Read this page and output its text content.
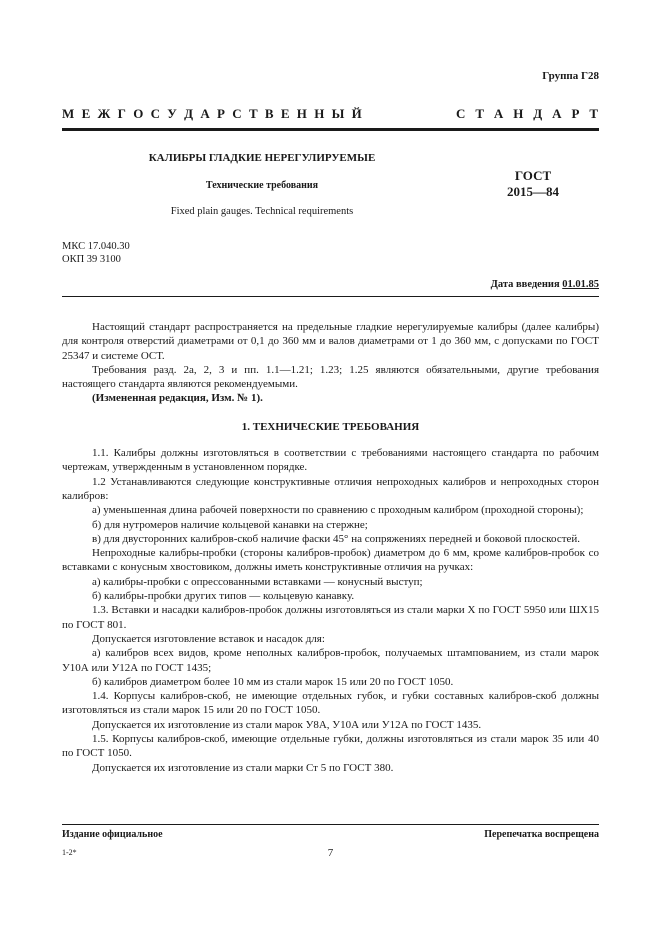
Группа Г28
М Е Ж Г О С У Д А Р С Т В Е Н Н Ы Й	С Т А Н Д А Р Т
КАЛИБРЫ ГЛАДКИЕ НЕРЕГУЛИРУЕМЫЕ
Технические требования
Fixed plain gauges. Technical requirements
ГОСТ
2015—84
МКС 17.040.30
ОКП 39 3100
Дата введения 01.01.85

Настоящий стандарт распространяется на предельные гладкие нерегулируемые калибры (далее калибры) для контроля отверстий диаметрами от 0,1 до 360 мм и валов диаметрами от 1 до 360 мм, с допусками по ГОСТ 25347 и системе ОСТ.

Требования разд. 2а, 2, 3 и пп. 1.1—1.21; 1.23; 1.25 являются обязательными, другие требования настоящего стандарта являются рекомендуемыми.

(Измененная редакция, Изм. № 1).

1. ТЕХНИЧЕСКИЕ ТРЕБОВАНИЯ

1.1. Калибры должны изготовляться в соответствии с требованиями настоящего стандарта по рабочим чертежам, утвержденным в установленном порядке.

1.2 Устанавливаются следующие конструктивные отличия непроходных калибров и непроходных сторон калибров:

а) уменьшенная длина рабочей поверхности по сравнению с проходным калибром (проходной стороны);

б) для нутромеров наличие кольцевой канавки на стержне;

в) для двусторонних калибров-скоб наличие фаски 45° на сопряжениях передней и боковой плоскостей.

Непроходные калибры-пробки (стороны калибров-пробок) диаметром до 6 мм, кроме калибров-пробок со вставками с конусным хвостовиком, должны иметь конструктивные отличия на ручках:

а) калибры-пробки с опрессованными вставками — конусный выступ;

б) калибры-пробки других типов — кольцевую канавку.

1.3. Вставки и насадки калибров-пробок должны изготовляться из стали марки Х по ГОСТ 5950 или ШХ15 по ГОСТ 801.

Допускается изготовление вставок и насадок для:

а) калибров всех видов, кроме неполных калибров-пробок, получаемых штампованием, из стали марок У10А или У12А по ГОСТ 1435;

б) калибров диаметром более 10 мм из стали марок 15 или 20 по ГОСТ 1050.

1.4. Корпусы калибров-скоб, не имеющие отдельных губок, и губки составных калибров-скоб должны изготовляться из стали марок 15 или 20 по ГОСТ 1050.

Допускается их изготовление из стали марок У8А, У10А или У12А по ГОСТ 1435.

1.5. Корпусы калибров-скоб, имеющие отдельные губки, должны изготовляться из стали марок 35 или 40 по ГОСТ 1050.

Допускается их изготовление из стали марки Ст 5 по ГОСТ 380.

Издание официальное	Перепечатка воспрещена
1-2*	7
